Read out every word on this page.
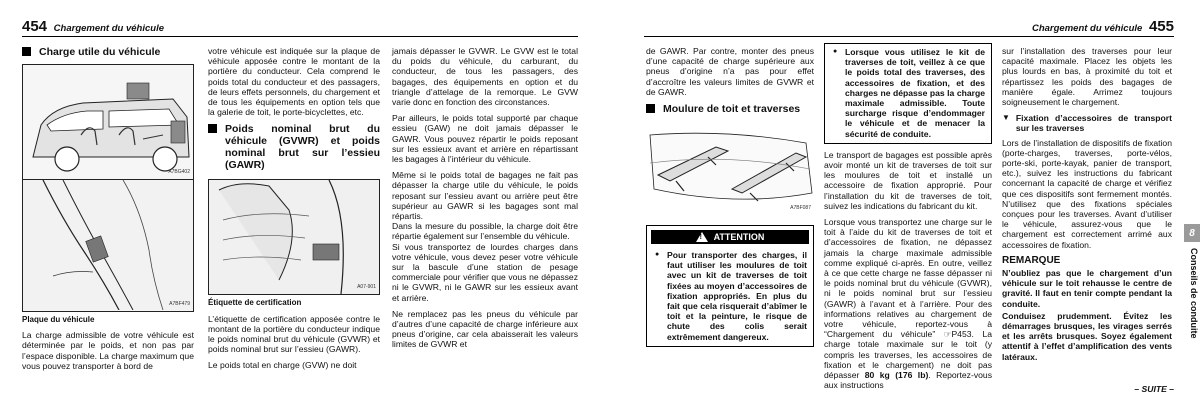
454 Chargement du véhicule
Charge utile du véhicule
A7BG402
A7BF479
Plaque du véhicule

La charge admissible de votre véhicule est déterminée par le poids, et non pas par l’espace disponible. La charge maximum que vous pouvez transporter à bord de

votre véhicule est indiquée sur la plaque de véhicule apposée contre le montant de la portière du conducteur. Cela comprend le poids total du conducteur et des passagers, de leurs effets personnels, du chargement et de tous les équipements en option tels que la galerie de toit, le porte-bicyclettes, etc.

Poids nominal brut du véhicule (GVWR) et poids nominal brut sur l’essieu (GAWR)
A07-901
Étiquette de certification

L’étiquette de certification apposée contre le montant de la portière du conducteur indique le poids nominal brut du véhicule (GVWR) et poids nominal brut sur l’essieu (GAWR).

Le poids total en charge (GVW) ne doit

jamais dépasser le GVWR. Le GVW est le total du poids du véhicule, du carburant, du conducteur, de tous les passagers, des bagages, des équipements en option et du triangle d’attelage de la remorque. Le GVW varie donc en fonction des circonstances.

Par ailleurs, le poids total supporté par chaque essieu (GAW) ne doit jamais dépasser le GAWR. Vous pouvez répartir le poids reposant sur les essieux avant et arrière en répartissant les bagages à l’intérieur du véhicule.

Même si le poids total de bagages ne fait pas dépasser la charge utile du véhicule, le poids reposant sur l’essieu avant ou arrière peut être supérieur au GAWR si les bagages sont mal répartis.

Dans la mesure du possible, la charge doit être répartie également sur l’ensemble du véhicule.

Si vous transportez de lourdes charges dans votre véhicule, vous devez peser votre véhicule sur la bascule d’une station de pesage commerciale pour vérifier que vous ne dépassez ni le GVWR, ni le GAWR sur les essieux avant et arrière.

Ne remplacez pas les pneus du véhicule par d’autres d’une capacité de charge inférieure aux pneus d’origine, car cela abaisserait les valeurs limites de GVWR et

Chargement du véhicule 455

de GAWR. Par contre, monter des pneus d’une capacité de charge supérieure aux pneus d’origine n’a pas pour effet d’accroître les valeurs limites de GVWR et de GAWR.

Moulure de toit et traverses
A7BF087
!
ATTENTION
● Pour transporter des charges, il faut utiliser les moulures de toit avec un kit de traverses de toit fixées au moyen d’accessoires de fixation appropriés. En plus du fait que cela risquerait d’abîmer le toit et la peinture, le risque de chute des colis serait extrêmement dangereux.
● Lorsque vous utilisez le kit de traverses de toit, veillez à ce que le poids total des traverses, des accessoires de fixation, et des charges ne dépasse pas la charge maximale admissible. Toute surcharge risque d’endommager le véhicule et de menacer la sécurité de conduite.

Le transport de bagages est possible après avoir monté un kit de traverses de toit sur les moulures de toit et installé un accessoire de fixation approprié. Pour l’installation du kit de traverses de toit, suivez les indications du fabricant du kit.

Lorsque vous transportez une charge sur le toit à l’aide du kit de traverses de toit et d’accessoires de fixation, ne dépassez jamais la charge maximale admissible comme expliqué ci-après. En outre, veillez à ce que cette charge ne fasse dépasser ni le poids nominal brut du véhicule (GVWR), ni le poids nominal brut sur l’essieu (GAWR) à l’avant et à l’arrière. Pour des informations relatives au chargement de votre véhicule, reportez-vous à “Chargement du véhicule” ☞P453. La charge totale maximale sur le toit (y compris les traverses, les accessoires de fixation et le chargement) ne doit pas dépasser 80 kg (176 lb). Reportez-vous aux instructions

sur l’installation des traverses pour leur capacité maximale. Placez les objets les plus lourds en bas, à proximité du toit et répartissez les poids des bagages de manière égale. Arrimez toujours soigneusement le chargement.

▼ Fixation d’accessoires de transport sur les traverses

Lors de l’installation de dispositifs de fixation (porte-charges, traverses, porte-vélos, porte-ski, porte-kayak, panier de transport, etc.), suivez les instructions du fabricant concernant la capacité de charge et vérifiez que ces dispositifs sont fermement montés. N’utilisez que des fixations spéciales conçues pour les traverses. Avant d’utiliser le véhicule, assurez-vous que le chargement est correctement arrimé aux accessoires de fixation.

REMARQUE

N’oubliez pas que le chargement d’un véhicule sur le toit rehausse le centre de gravité. Il faut en tenir compte pendant la conduite.

Conduisez prudemment. Évitez les démarrages brusques, les virages serrés et les arrêts brusques. Soyez également attentif à l’effet d’amplification des vents latéraux.

8
Conseils de conduite
– SUITE –
